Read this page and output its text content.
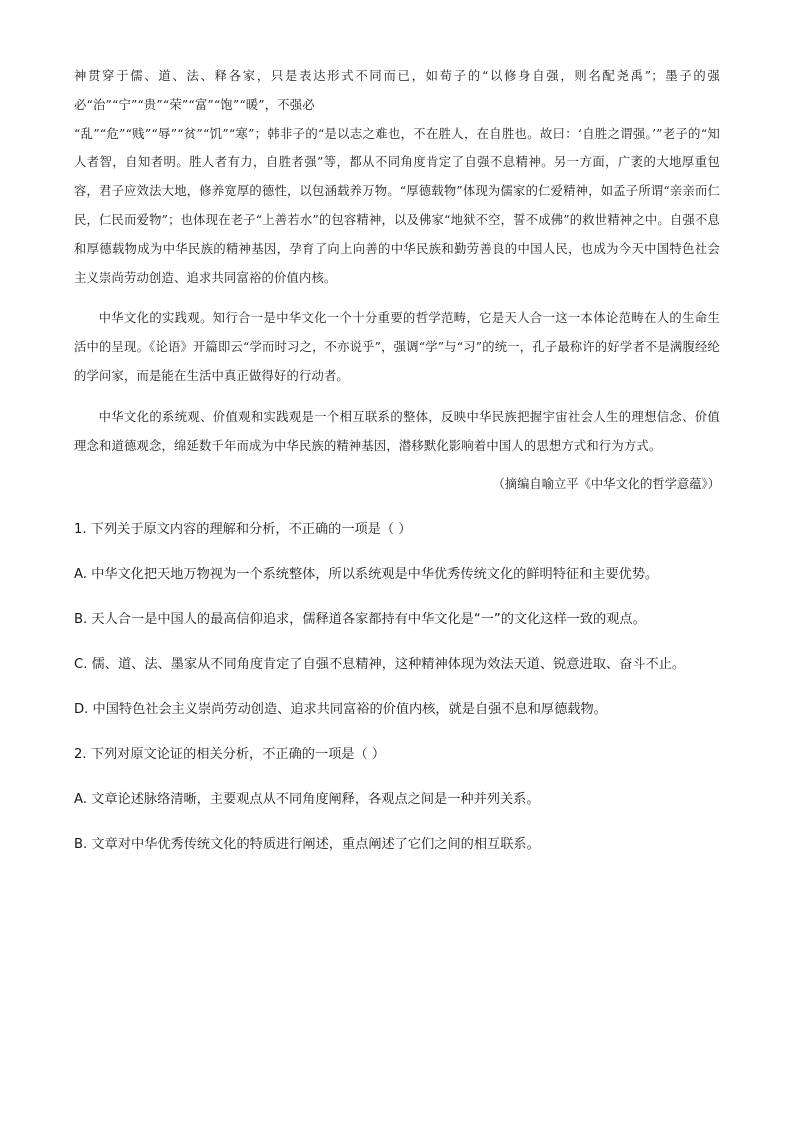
神贯穿于儒、道、法、释各家，只是表达形式不同而已，如荀子的“以修身自强，则名配尧禹”；墨子的强必“治”“宁”“贵”“荣”“富”“饱”“暖”，不强必

“乱”“危”“贱”“辱”“贫”“饥”“寒”；韩非子的“是以志之难也，不在胜人，在自胜也。故曰：‘自胜之谓强。’”老子的“知人者智，自知者明。胜人者有力，自胜者强”等，都从不同角度肯定了自强不息精神。另一方面，广袤的大地厚重包容，君子应效法大地，修养宽厚的德性，以包涵载养万物。“厚德载物”体现为儒家的仁爱精神，如孟子所谓“亲亲而仁民，仁民而爱物”；也体现在老子“上善若水”的包容精神，以及佛家“地狱不空，誓不成佛”的救世精神之中。自强不息和厚德载物成为中华民族的精神基因，孕育了向上向善的中华民族和勤劳善良的中国人民，也成为今天中国特色社会主义崇尚劳动创造、追求共同富裕的价值内核。

中华文化的实践观。知行合一是中华文化一个十分重要的哲学范畴，它是天人合一这一本体论范畴在人的生命生活中的呈现。《论语》开篇即云“学而时习之，不亦说乎”，强调“学”与“习”的统一，孔子最称许的好学者不是满腹经纶的学问家，而是能在生活中真正做得好的行动者。

中华文化的系统观、价值观和实践观是一个相互联系的整体，反映中华民族把握宇宙社会人生的理想信念、价值理念和道德观念，绵延数千年而成为中华民族的精神基因，潜移默化影响着中国人的思想方式和行为方式。

（摘编自喻立平《中华文化的哲学意蕴》）

1. 下列关于原文内容的理解和分析，不正确的一项是（ ）

A. 中华文化把天地万物视为一个系统整体，所以系统观是中华优秀传统文化的鲜明特征和主要优势。

B. 天人合一是中国人的最高信仰追求，儒释道各家都持有中华文化是“一”的文化这样一致的观点。

C. 儒、道、法、墨家从不同角度肯定了自强不息精神，这种精神体现为效法天道、锐意进取、奋斗不止。

D. 中国特色社会主义崇尚劳动创造、追求共同富裕的价值内核，就是自强不息和厚德载物。

2. 下列对原文论证的相关分析，不正确的一项是（ ）

A. 文章论述脉络清晰，主要观点从不同角度阐释，各观点之间是一种并列关系。

B. 文章对中华优秀传统文化的特质进行阐述，重点阐述了它们之间的相互联系。
